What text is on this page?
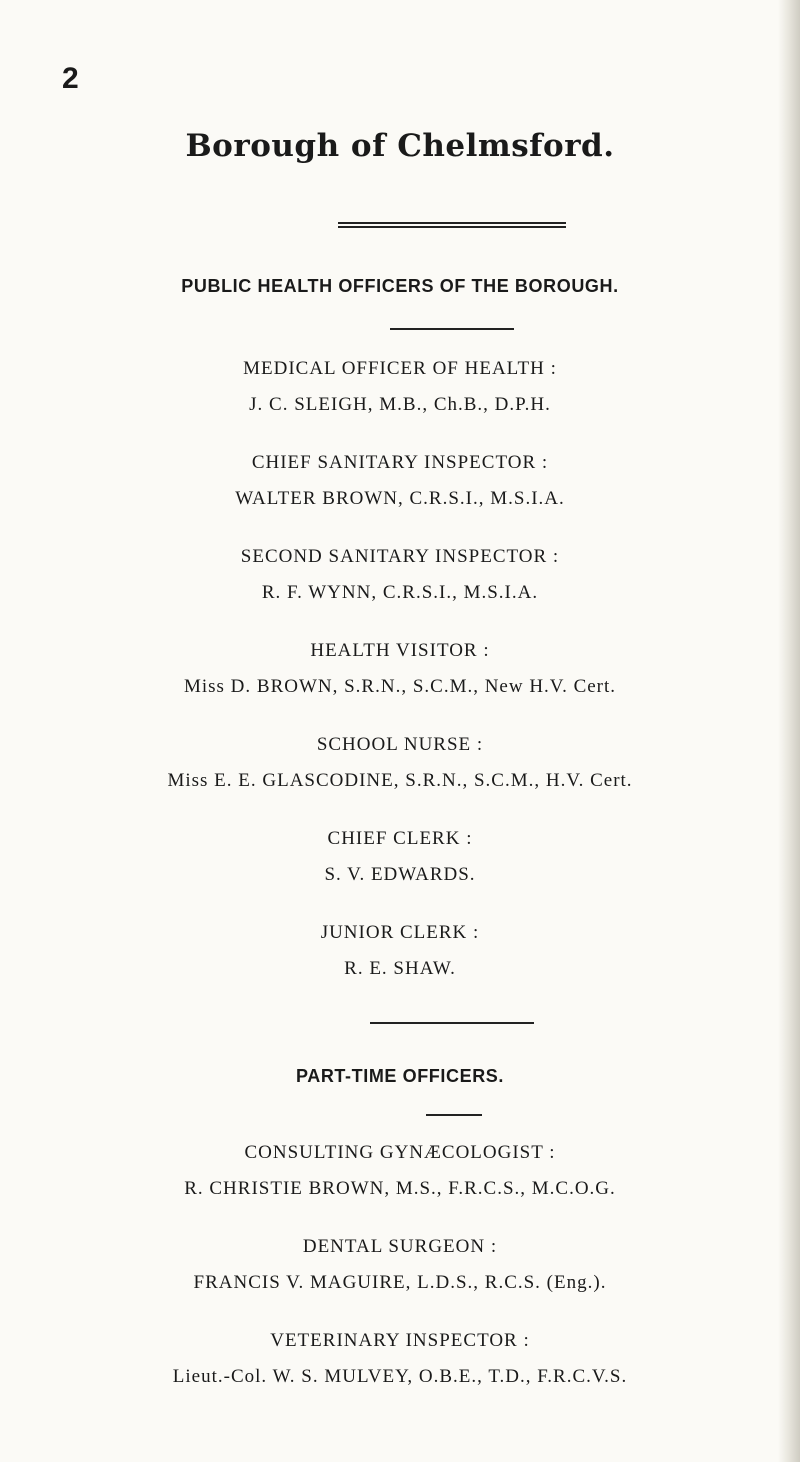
2
Borough of Chelmsford.
PUBLIC HEALTH OFFICERS OF THE BOROUGH.
MEDICAL OFFICER OF HEALTH :
J. C. SLEIGH, M.B., Ch.B., D.P.H.
CHIEF SANITARY INSPECTOR :
WALTER BROWN, C.R.S.I., M.S.I.A.
SECOND SANITARY INSPECTOR :
R. F. WYNN, C.R.S.I., M.S.I.A.
HEALTH VISITOR :
Miss D. BROWN, S.R.N., S.C.M., New H.V. Cert.
SCHOOL NURSE :
Miss E. E. GLASCODINE, S.R.N., S.C.M., H.V. Cert.
CHIEF CLERK :
S. V. EDWARDS.
JUNIOR CLERK :
R. E. SHAW.
PART-TIME OFFICERS.
CONSULTING GYNÆCOLOGIST :
R. CHRISTIE BROWN, M.S., F.R.C.S., M.C.O.G.
DENTAL SURGEON :
FRANCIS V. MAGUIRE, L.D.S., R.C.S. (Eng.).
VETERINARY INSPECTOR :
Lieut.-Col. W. S. MULVEY, O.B.E., T.D., F.R.C.V.S.
